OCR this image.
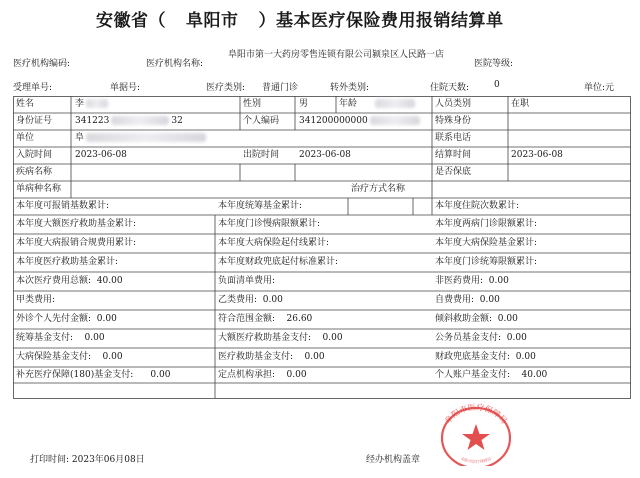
安徽省（ 阜阳市 ）基本医疗保险费用报销结算单
医疗机构编码:	医疗机构名称:
阜阳市第一大药房零售连锁有限公司颍泉区人民路一店
医院等级:
受理单号:	单据号:	医疗类别: 普通门诊	转外类别:	住院天数:	0	单位:元
姓名	李	性别	男	年龄	人员类别	在职
身份证号	341223	32	个人编码 341200000000	特殊身份
单位	阜	联系电话
入院时间	2023-06-08	出院时间 2023-06-08	结算时间	2023-06-08
疾病名称	是否保底
单病种名称	治疗方式名称
本年度可报销基数累计:	本年度统筹基金累计:	本年度住院次数累计:
本年度大额医疗救助基金累计:	本年度门诊慢病限额累计:	本年度两病门诊限额累计:
本年度大病报销合规费用累计:	本年度大病保险起付线累计:	本年度大病保险基金累计:
本年度医疗救助基金累计:	本年度财政兜底起付标准累计:	本年度门诊统筹限额累计:
本次医疗费用总额: 40.00	负面清单费用:	非医药费用: 0.00
甲类费用:	乙类费用: 0.00	自费费用: 0.00
外诊个人先付金额: 0.00	符合范围金额: 26.60	倾斜救助金额: 0.00
统筹基金支付: 0.00	大额医疗救助基金支付: 0.00	公务员基金支付: 0.00
大病保险基金支付: 0.00	医疗救助基金支付: 0.00	财政兜底基金支付: 0.00
补充医疗保障(180)基金支付: 0.00	定点机构承担: 0.00	个人账户基金支付: 40.00
打印时间: 2023年06月08日	经办机构盖章
阜阳市医疗保障局
阜阳市医疗保障局
